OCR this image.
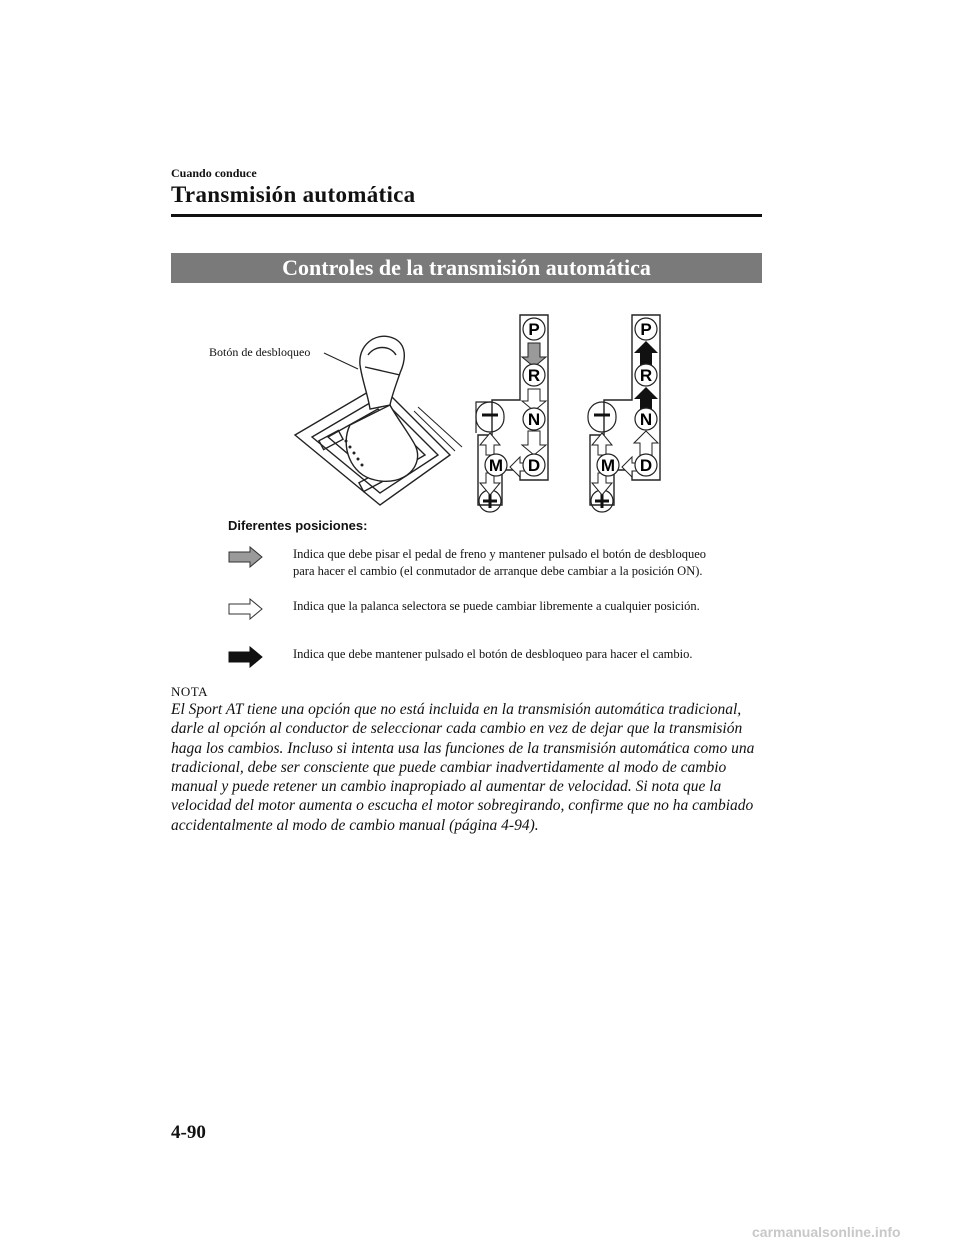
Cuando conduce
Transmisión automática
Controles de la transmisión automática
Botón de desbloqueo
P
R
N
M D
P
R
N
M D
Diferentes posiciones:
Indica que debe pisar el pedal de freno y mantener pulsado el botón de desbloqueo
para hacer el cambio (el conmutador de arranque debe cambiar a la posición ON).
Indica que la palanca selectora se puede cambiar libremente a cualquier posición.
Indica que debe mantener pulsado el botón de desbloqueo para hacer el cambio.
NOTA
El Sport AT tiene una opción que no está incluida en la transmisión automática tradicional, darle al opción al conductor de seleccionar cada cambio en vez de dejar que la transmisión haga los cambios. Incluso si intenta usa las funciones de la transmisión automática como una tradicional, debe ser consciente que puede cambiar inadvertidamente al modo de cambio manual y puede retener un cambio inapropiado al aumentar de velocidad. Si nota que la velocidad del motor aumenta o escucha el motor sobregirando, confirme que no ha cambiado accidentalmente al modo de cambio manual (página 4-94).
4-90
carmanualsonline.info
